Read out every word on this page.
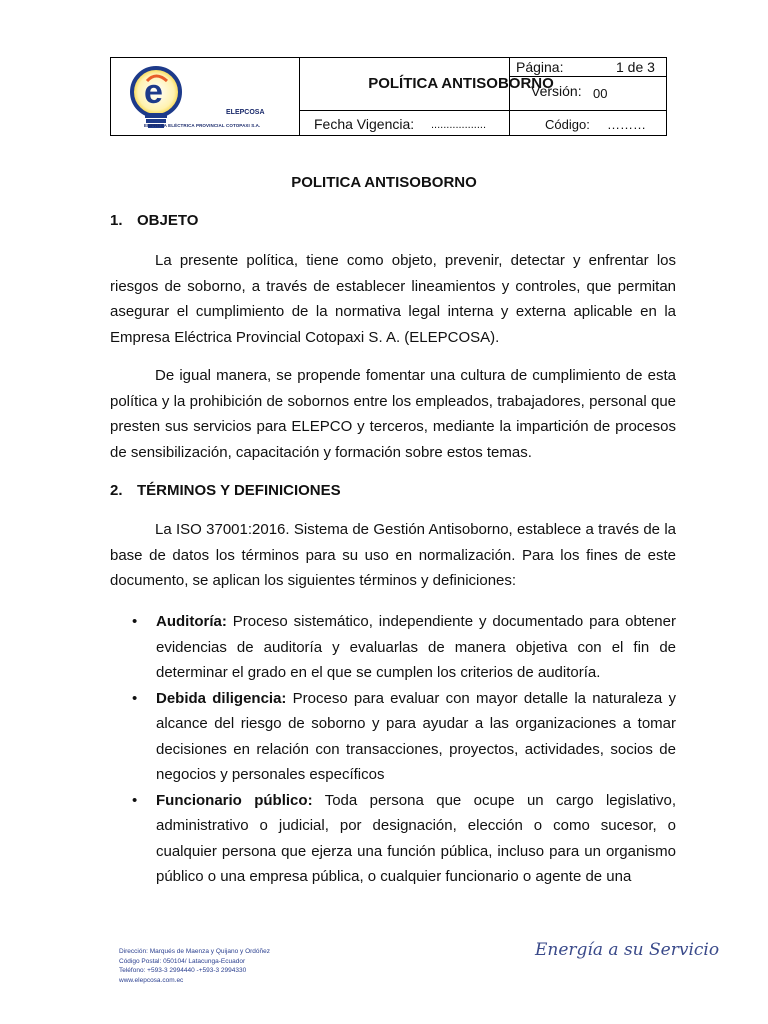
e
ELEPCOSA
EMPRESA ELÉCTRICA PROVINCIAL COTOPAXI S.A.
POLÍTICA ANTISOBORNO
Página:	1 de 3
Versión: 00
Fecha Vigencia: ..................	Código: ………
POLITICA ANTISOBORNO
1. OBJETO
La presente política, tiene como objeto, prevenir, detectar y enfrentar los riesgos de soborno, a través de establecer lineamientos y controles, que permitan asegurar el cumplimiento de la normativa legal interna y externa aplicable en la Empresa Eléctrica Provincial Cotopaxi S. A. (ELEPCOSA).
De igual manera, se propende fomentar una cultura de cumplimiento de esta política y la prohibición de sobornos entre los empleados, trabajadores, personal que presten sus servicios para ELEPCO y terceros, mediante la impartición de procesos de sensibilización, capacitación y formación sobre estos temas.
2. TÉRMINOS Y DEFINICIONES
La ISO 37001:2016. Sistema de Gestión Antisoborno, establece a través de la base de datos los términos para su uso en normalización. Para los fines de este documento, se aplican los siguientes términos y definiciones:
• Auditoría: Proceso sistemático, independiente y documentado para obtener evidencias de auditoría y evaluarlas de manera objetiva con el fin de determinar el grado en el que se cumplen los criterios de auditoría.
• Debida diligencia: Proceso para evaluar con mayor detalle la naturaleza y alcance del riesgo de soborno y para ayudar a las organizaciones a tomar decisiones en relación con transacciones, proyectos, actividades, socios de negocios y personales específicos
• Funcionario público: Toda persona que ocupe un cargo legislativo, administrativo o judicial, por designación, elección o como sucesor, o cualquier persona que ejerza una función pública, incluso para un organismo público o una empresa pública, o cualquier funcionario o agente de una
Dirección: Marqués de Maenza y Quijano y Ordóñez
Código Postal: 050104/ Latacunga-Ecuador
Teléfono: +593-3 2994440 -+593-3 2994330
www.elepcosa.com.ec
Energía a su Servicio
